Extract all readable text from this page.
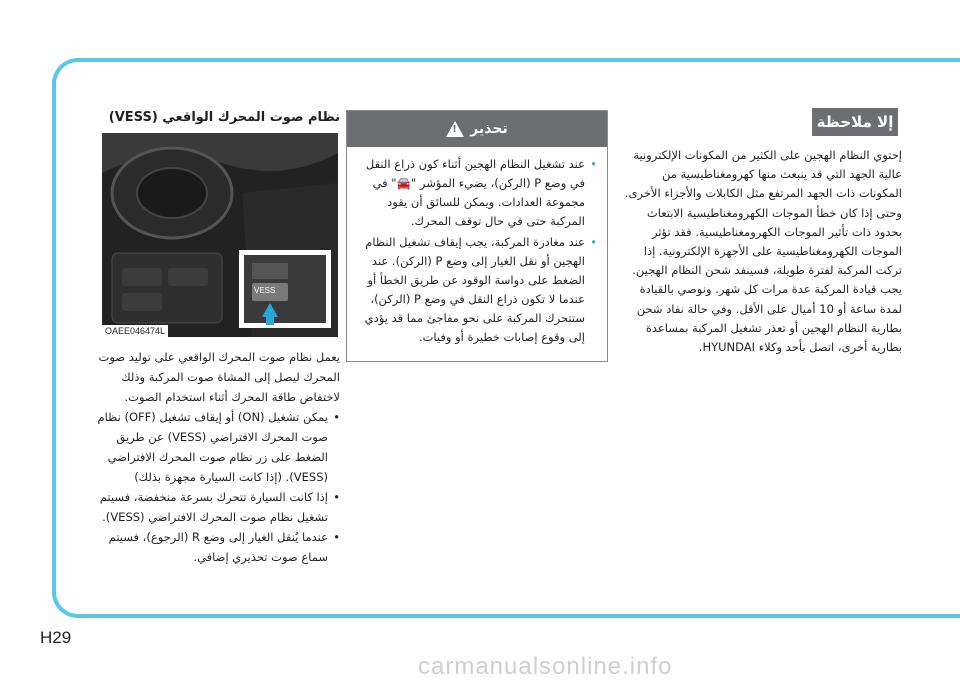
إلا ملاحظة
إحتوي النظام الهجين على الكثير من المكونات الإلكترونية عالية الجهد التي قد ينبعث منها كهرومغناطيسية من المكونات ذات الجهد المرتفع مثل الكابلات والأجزاء الأخرى. وحتى إذا كان خطأ الموجات الكهرومغناطيسية الابتعاث بحدود ذات تأثير الموجات الكهرومغناطيسية. فقد تؤثر الموجات الكهرومغناطيسية على الأجهزة الإلكترونية. إذا تركت المركبة لفترة طويلة، فسينفد شحن النظام الهجين. يجب قيادة المركبة عدة مرات كل شهر. ونوصي بالقيادة لمدة ساعة أو 10 أميال على الأقل. وفي حالة نفاد شحن بطارية النظام الهجين أو تعذر تشغيل المركبة بمساعدة بطارية أخرى، اتصل بأحد وكلاء HYUNDAI.
تحذير
!
• عند تشغيل النظام الهجين أثناء كون ذراع النقل في وضع P (الركن)، يضيء المؤشر "🚘" في مجموعة العدادات. ويمكن للسائق أن يقود المركبة حتى في حال توقف المحرك.
• عند مغادرة المركبة، يجب إيقاف تشغيل النظام الهجين أو نقل الغيار إلى وضع P (الركن). عند الضغط على دواسة الوقود عن طريق الخطأ أو عندما لا تكون ذراع النقل في وضع P (الركن)، ستتحرك المركبة على نحو مفاجئ مما قد يؤدي إلى وقوع إصابات خطيرة أو وفيات.
نظام صوت المحرك الواقعي (VESS)
VESS
OAEE046474L

يعمل نظام صوت المحرك الواقعي على توليد صوت المحرك ليصل إلى المشاة صوت المركبة وذلك لاختفاض طاقة المحرك أثناء استخدام الصوت.

• يمكن تشغيل (ON) أو إيقاف تشغيل (OFF) نظام صوت المحرك الافتراضي (VESS) عن طريق الضغط على زر نظام صوت المحرك الافتراضي (VESS). (إذا كانت السيارة مجهزة بذلك)
• إذا كانت السيارة تتحرك بسرعة منخفضة، فسيتم تشغيل نظام صوت المحرك الافتراضي (VESS).
• عندما يُنقل الغيار إلى وضع R (الرجوع)، فسيتم سماع صوت تحذيري إضافي.
H29
carmanualsonline.info
